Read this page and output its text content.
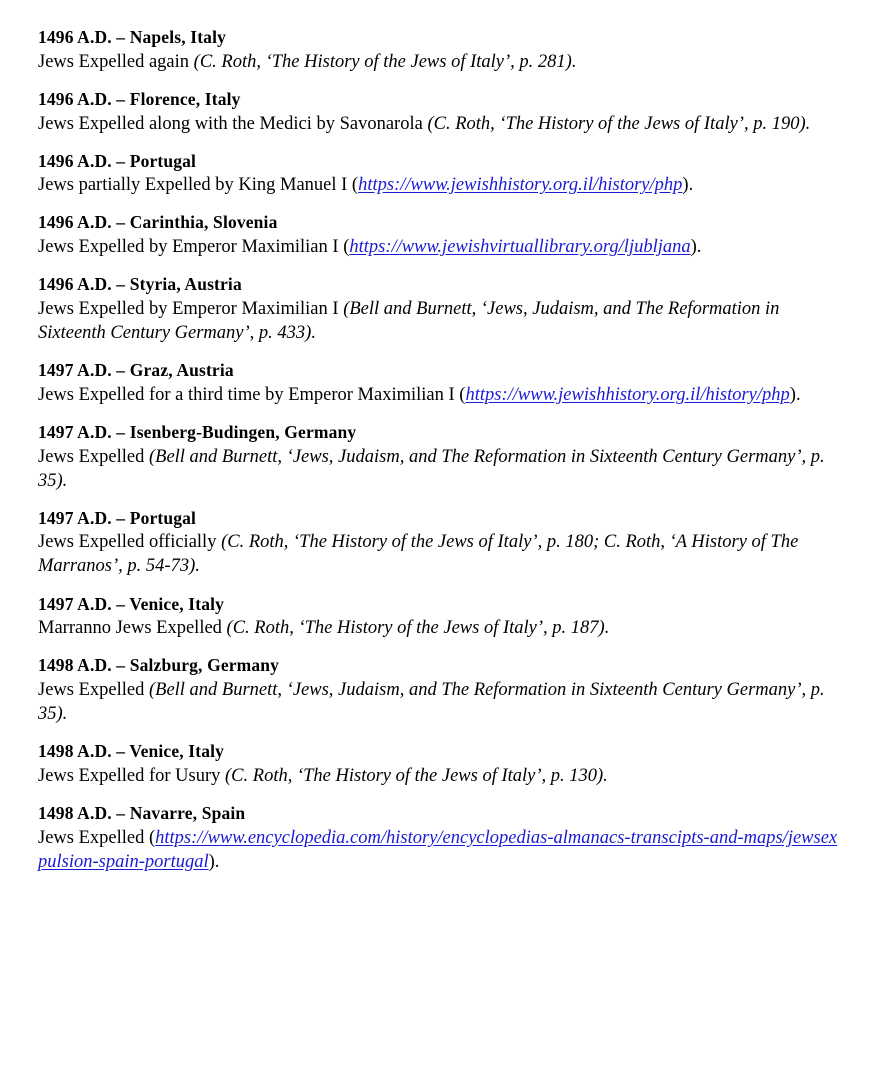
1496 A.D. – Napels, Italy
Jews Expelled again (C. Roth, ‘The History of the Jews of Italy’, p. 281).
1496 A.D. – Florence, Italy
Jews Expelled along with the Medici by Savonarola (C. Roth, ‘The History of the Jews of Italy’, p. 190).
1496 A.D. – Portugal
Jews partially Expelled by King Manuel I (https://www.jewishhistory.org.il/history/php).
1496 A.D. – Carinthia, Slovenia
Jews Expelled by Emperor Maximilian I (https://www.jewishvirtuallibrary.org/ljubljana).
1496 A.D. – Styria, Austria
Jews Expelled by Emperor Maximilian I (Bell and Burnett, ‘Jews, Judaism, and The Reformation in Sixteenth Century Germany’, p. 433).
1497 A.D. – Graz, Austria
Jews Expelled for a third time by Emperor Maximilian I (https://www.jewishhistory.org.il/history/php).
1497 A.D. – Isenberg-Budingen, Germany
Jews Expelled (Bell and Burnett, ‘Jews, Judaism, and The Reformation in Sixteenth Century Germany’, p. 35).
1497 A.D. – Portugal
Jews Expelled officially (C. Roth, ‘The History of the Jews of Italy’, p. 180; C. Roth, ‘A History of The Marranos’, p. 54-73).
1497 A.D. – Venice, Italy
Marranno Jews Expelled (C. Roth, ‘The History of the Jews of Italy’, p. 187).
1498 A.D. – Salzburg, Germany
Jews Expelled (Bell and Burnett, ‘Jews, Judaism, and The Reformation in Sixteenth Century Germany’, p. 35).
1498 A.D. – Venice, Italy
Jews Expelled for Usury (C. Roth, ‘The History of the Jews of Italy’, p. 130).
1498 A.D. – Navarre, Spain
Jews Expelled (https://www.encyclopedia.com/history/encyclopedias-almanacs-transcipts-and-maps/jewsexpulsion-spain-portugal).
